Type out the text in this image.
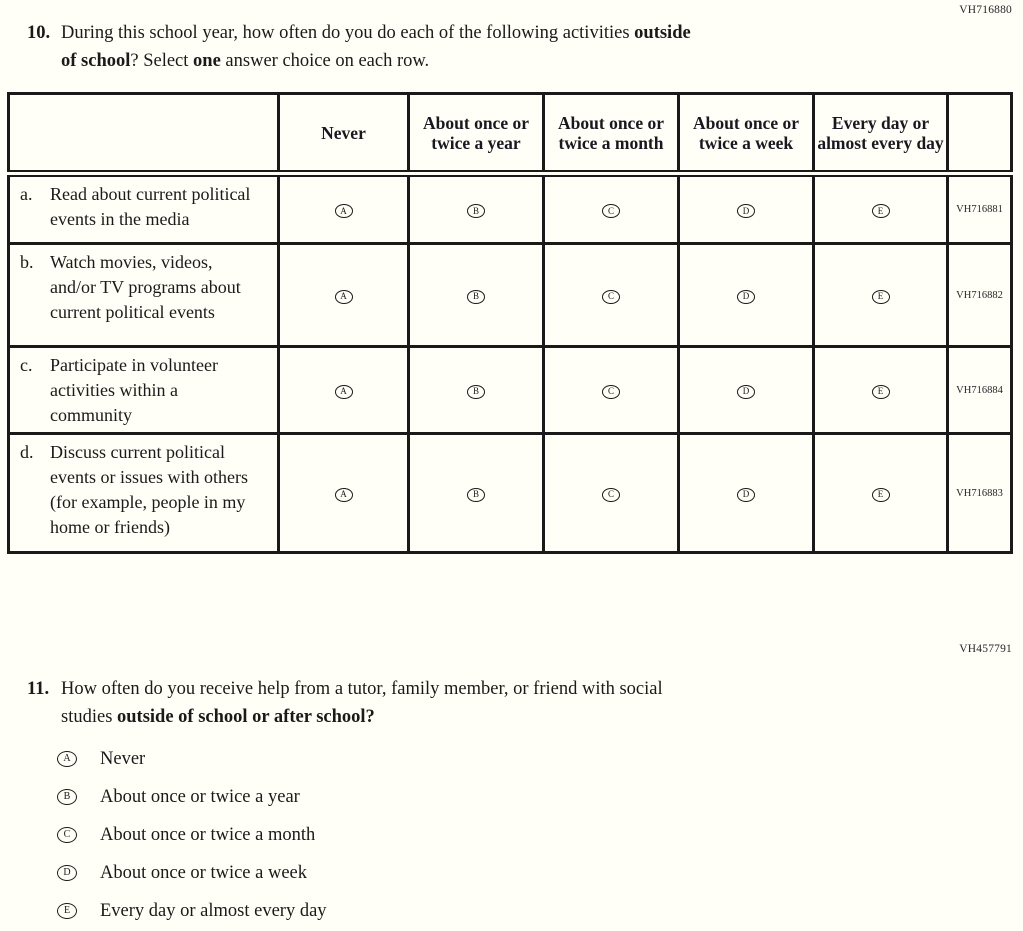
VH716880
10. During this school year, how often do you do each of the following activities outside
of school? Select one answer choice on each row.
	Never	About once or twice a year	About once or twice a month	About once or twice a week	Every day or almost every day	
a. Read about current political events in the media	A	B	C	D	E	VH716881
b. Watch movies, videos, and/or TV programs about current political events	A	B	C	D	E	VH716882
c. Participate in volunteer activities within a community	A	B	C	D	E	VH716884
d. Discuss current political events or issues with others (for example, people in my home or friends)	A	B	C	D	E	VH716883
VH457791
11. How often do you receive help from a tutor, family member, or friend with social
studies outside of school or after school?
A	Never
B	About once or twice a year
C	About once or twice a month
D	About once or twice a week
E	Every day or almost every day
